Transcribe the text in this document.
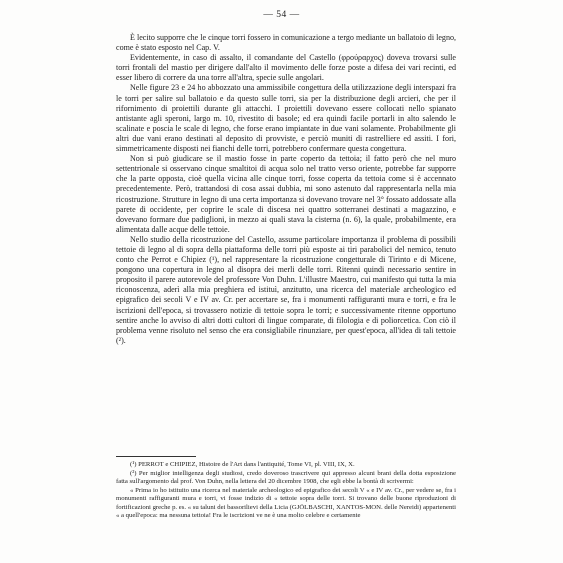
— 54 —

È lecito supporre che le cinque torri fossero in comunicazione a tergo mediante un ballatoio di legno, come è stato esposto nel Cap. V.

Evidentemente, in caso di assalto, il comandante del Castello (φρούραρχος) doveva trovarsi sulle torri frontali del mastio per dirigere dall'alto il movimento delle forze poste a difesa dei vari recinti, ed esser libero di correre da una torre all'altra, specie sulle angolari.

Nelle figure 23 e 24 ho abbozzato una ammissibile congettura della utilizzazione degli interspazi fra le torri per salire sul ballatoio e da questo sulle torri, sia per la distribuzione degli arcieri, che per il rifornimento di proiettili durante gli attacchi. I proiettili dovevano essere collocati nello spianato antistante agli speroni, largo m. 10, rivestito di basole; ed era quindi facile portarli in alto salendo le scalinate e poscia le scale di legno, che forse erano impiantate in due vani solamente. Probabilmente gli altri due vani erano destinati al deposito di provviste, e perciò muniti di rastrelliere ed assiti. I fori, simmetricamente disposti nei fianchi delle torri, potrebbero confermare questa congettura.

Non si può giudicare se il mastio fosse in parte coperto da tettoia; il fatto però che nel muro settentrionale si osservano cinque smaltitoi di acqua solo nel tratto verso oriente, potrebbe far supporre che la parte opposta, cioè quella vicina alle cinque torri, fosse coperta da tettoia come si è accennato precedentemente. Però, trattandosi di cosa assai dubbia, mi sono astenuto dal rappresentarla nella mia ricostruzione. Strutture in legno di una certa importanza si dovevano trovare nel 3° fossato addossate alla parete di occidente, per coprire le scale di discesa nei quattro sotterranei destinati a magazzino, e dovevano formare due padiglioni, in mezzo ai quali stava la cisterna (n. 6), la quale, probabilmente, era alimentata dalle acque delle tettoie.

Nello studio della ricostruzione del Castello, assume particolare importanza il problema di possibili tettoie di legno al di sopra della piattaforma delle torri più esposte ai tiri parabolici del nemico, tenuto conto che Perrot e Chipiez (¹), nel rappresentare la ricostruzione congetturale di Tirinto e di Micene, pongono una copertura in legno al disopra dei merli delle torri. Ritenni quindi necessario sentire in proposito il parere autorevole del professore Von Duhn. L'illustre Maestro, cui manifesto qui tutta la mia riconoscenza, aderì alla mia preghiera ed istituì, anzitutto, una ricerca del materiale archeologico ed epigrafico dei secoli V e IV av. Cr. per accertare se, fra i monumenti raffiguranti mura e torri, e fra le iscrizioni dell'epoca, si trovassero notizie di tettoie sopra le torri; e successivamente ritenne opportuno sentire anche lo avviso di altri dotti cultori di lingue comparate, di filologia e di poliorcetica. Con ciò il problema venne risoluto nel senso che era consigliabile rinunziare, per quest'epoca, all'idea di tali tettoie (²).

(¹) PERROT e CHIPIEZ, Histoire de l'Art dans l'antiquité, Tome VI, pl. VIII, IX, X.

(²) Per miglior intelligenza degli studiosi, credo doveroso trascrivere qui appresso alcuni brani della dotta esposizione fatta sull'argomento dal prof. Von Duhn, nella lettera del 20 dicembre 1908, che egli ebbe la bontà di scrivermi:

« Prima io ho istituito una ricerca nel materiale archeologico ed epigrafico dei secoli V « e IV av. Cr., per vedere se, fra i monumenti raffiguranti mura e torri, vi fosse indizio di « tettoie sopra delle torri. Si trovano delle buone riproduzioni di fortificazioni greche p. es. « su taluni dei bassorilievi della Licia (GJÖLBASCHI, XANTOS-MON. delle Nereidi) appartenenti « a quell'epoca: ma nessuna tettoia! Fra le iscrizioni ve ne è una molto celebre e certamente
